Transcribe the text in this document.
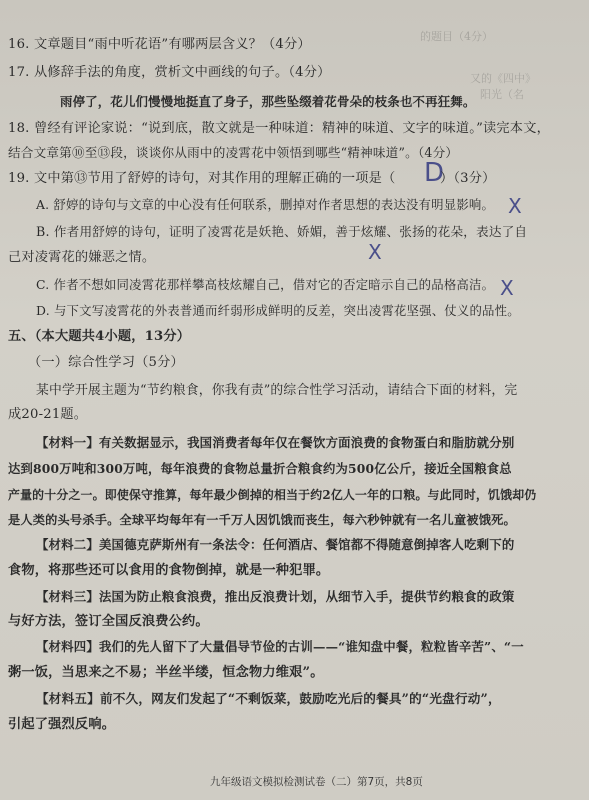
的题目（4分）
又的《四中》
阳光（名
16. 文章题目“雨中听花语”有哪两层含义？（4分）
17. 从修辞手法的角度，赏析文中画线的句子。（4分）
雨停了，花儿们慢慢地挺直了身子，那些坠缀着花骨朵的枝条也不再狂舞。
18. 曾经有评论家说：“说到底，散文就是一种味道：精神的味道、文字的味道。”读完本文，
结合文章第⑩至⑬段，谈谈你从雨中的凌霄花中领悟到哪些“精神味道”。（4分）
19. 文中第⑬节用了舒婷的诗句，对其作用的理解正确的一项是（ D
）（3分）
A. 舒婷的诗句与文章的中心没有任何联系，删掉对作者思想的表达没有明显影响。 X
B. 作者用舒婷的诗句，证明了凌霄花是妖艳、娇媚，善于炫耀、张扬的花朵，表达了自
X
己对凌霄花的嫌恶之情。
C. 作者不想如同凌霄花那样攀高枝炫耀自己，借对它的否定暗示自己的品格高洁。 X
D. 与下文写凌霄花的外表普通而纤弱形成鲜明的反差，突出凌霄花坚强、仗义的品性。
五、（本大题共4小题，13分）
（一）综合性学习（5分）
某中学开展主题为“节约粮食，你我有责”的综合性学习活动，请结合下面的材料，完
成20-21题。
【材料一】有关数据显示，我国消费者每年仅在餐饮方面浪费的食物蛋白和脂肪就分别
达到800万吨和300万吨，每年浪费的食物总量折合粮食约为500亿公斤，接近全国粮食总
产量的十分之一。即使保守推算，每年最少倒掉的相当于约2亿人一年的口粮。与此同时，饥饿却仍
是人类的头号杀手。全球平均每年有一千万人因饥饿而丧生，每六秒钟就有一名儿童被饿死。
【材料二】美国德克萨斯州有一条法令：任何酒店、餐馆都不得随意倒掉客人吃剩下的
食物，将那些还可以食用的食物倒掉，就是一种犯罪。
【材料三】法国为防止粮食浪费，推出反浪费计划，从细节入手，提供节约粮食的政策
与好方法，签订全国反浪费公约。
【材料四】我们的先人留下了大量倡导节俭的古训——“谁知盘中餐，粒粒皆辛苦”、“一
粥一饭，当思来之不易；半丝半缕，恒念物力维艰”。
【材料五】前不久，网友们发起了“不剩饭菜，鼓励吃光后的餐具”的“光盘行动”，
引起了强烈反响。
九年级语文模拟检测试卷（二）第7页，共8页
